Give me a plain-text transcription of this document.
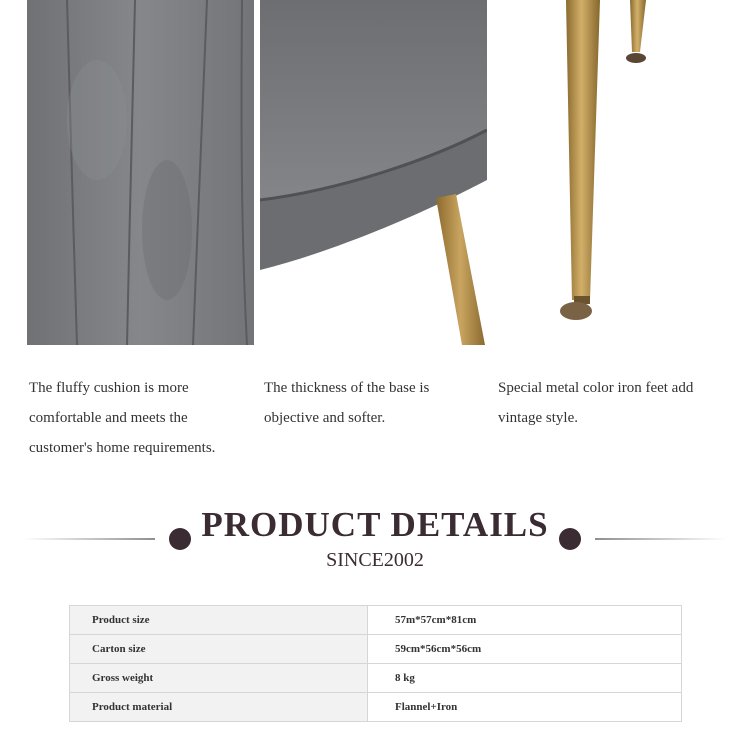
The fluffy cushion is more comfortable and meets the customer's home requirements.
The thickness of the base is objective and softer.
Special metal color iron feet add vintage style.
PRODUCT DETAILS
SINCE2002
Product size	57m*57cm*81cm
Carton size	59cm*56cm*56cm
Gross weight	8 kg
Product material	Flannel+Iron
